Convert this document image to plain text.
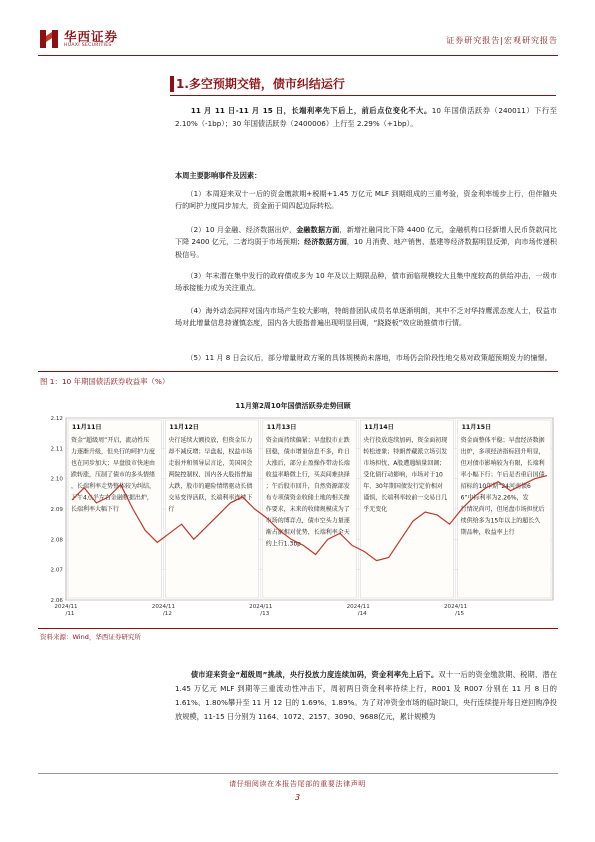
华西证券
HUAXI SECURITIES
证券研究报告|宏观研究报告
1.多空预期交错，债市纠结运行
11 月 11 日-11 月 15 日，长端利率先下后上，前后点位变化不大。10 年国债活跃券（240011）下行至 2.10%（-1bp）；30 年国债活跃券（2400006）上行至 2.29%（+1bp）。
本周主要影响事件及因素：
（1）本周迎来双十一后的资金缴款期+税期+1.45 万亿元 MLF 到期组成的三重考验，资金利率缓步上行，但伴随央行的呵护力度同步加大，资金面于周四起边际转松。
（2）10 月金融、经济数据出炉，金融数据方面，新增社融同比下降 4400 亿元，金融机构口径新增人民币贷款同比下降 2400 亿元，二者均弱于市场预期；经济数据方面，10 月消费、地产销售、基建等经济数据明显反弹，向市场传递积极信号。
（3）年末潜在集中发行的政府债或多为 10 年及以上期限品种，债市面临规模较大且集中度较高的供给冲击，一级市场承接能力或为关注重点。
（4）海外动态同样对国内市场产生较大影响，特朗普团队成员名单逐渐明朗，其中不乏对华持鹰派态度人士，权益市场对此增量信息持谨慎态度，国内各大股指普遍出现明显回调，“跷跷板”效应助推债市行情。
（5）11 月 8 日会议后，部分增量财政方案的具体规模尚未落地，市场仍会阶段性地交易对政策超预期发力的憧憬。
图 1：10 年期国债活跃券收益率（%）
11月11日
资金“超级周”开启，流动性压
力逐渐升级，但央行的呵护力度
也在同步加大；早盘股市快速由
跌转涨，压制了债市的多头情绪
，长端利率走势整体较为纠结，
下午4点半左右金融数据出炉，
长端利率大幅下行
11月12日
央行延续大额投放，但资金压力
却不减反增；早盘起，权益市场
走弱并和领导层言论，美国国会
两院控制权、国内各大股指普遍
大跌，股市的避险情绪驱动长债
交易变得活跃，长端利率连续下
行
11月13日
资金面持续偏紧；早盘股市止跌
回稳，债市增量信息不多，昨日
大涨后，部分止盈操作带动长端
收益率略微上行，买卖间难抉择
；午后股市回升，自然资源部发
布专项债资金收储土地的相关操
作要求，未来的收储规模成为了
市场的博弈点，债市空头力量逐
渐占据相对优势，长端利率全天
约上行1.3bp
11月14日
央行投放连续加码，资金面初现
转松迹象；特朗普藏派立场引发
市场担忧，A股遭遇缩量回调；
受化债行动影响，市场对于10
年、30年期国债发行定价相对
谨慎，长端利率较前一交易日几
乎无变化
11月15日
资金面整体平稳；早盘经济数据
出炉，多项经济指标回升明显，
但对债市影响较为有限，长端利
率小幅下行；午后是否重启国债
招标的10年期“24河南债6
6”中标利率为2.26%，发
行情况尚可，但尾盘市场担忧后
续供给多为15年以上的超长久
期品种，收益率上行
2.12
2.11
2.10
2.09
2.08
2.07
2.06
2024/11
/11
2024/11
/12
2024/11
/13
2024/11
/14
2024/11
/15
11月第2周10年国债活跃券走势回顾
资料来源：Wind，华西证券研究所
债市迎来资金“超级周”挑战，央行投放力度连续加码，资金利率先上后下。双十一后的资金缴款期、税期、潜在 1.45 万亿元 MLF 到期等三重流动性冲击下，周初两日资金利率持续上行，R001 及 R007 分别在 11 月 8 日的 1.61%、1.80%攀升至 11 月 12 日的 1.69%、1.89%。为了对冲资金市场的临时缺口，央行连续提升每日逆回购净投放规模，11-15 日分别为 1164、1072、2157、3090、9688亿元，累计规模为
请仔细阅读在本报告尾部的重要法律声明
3
